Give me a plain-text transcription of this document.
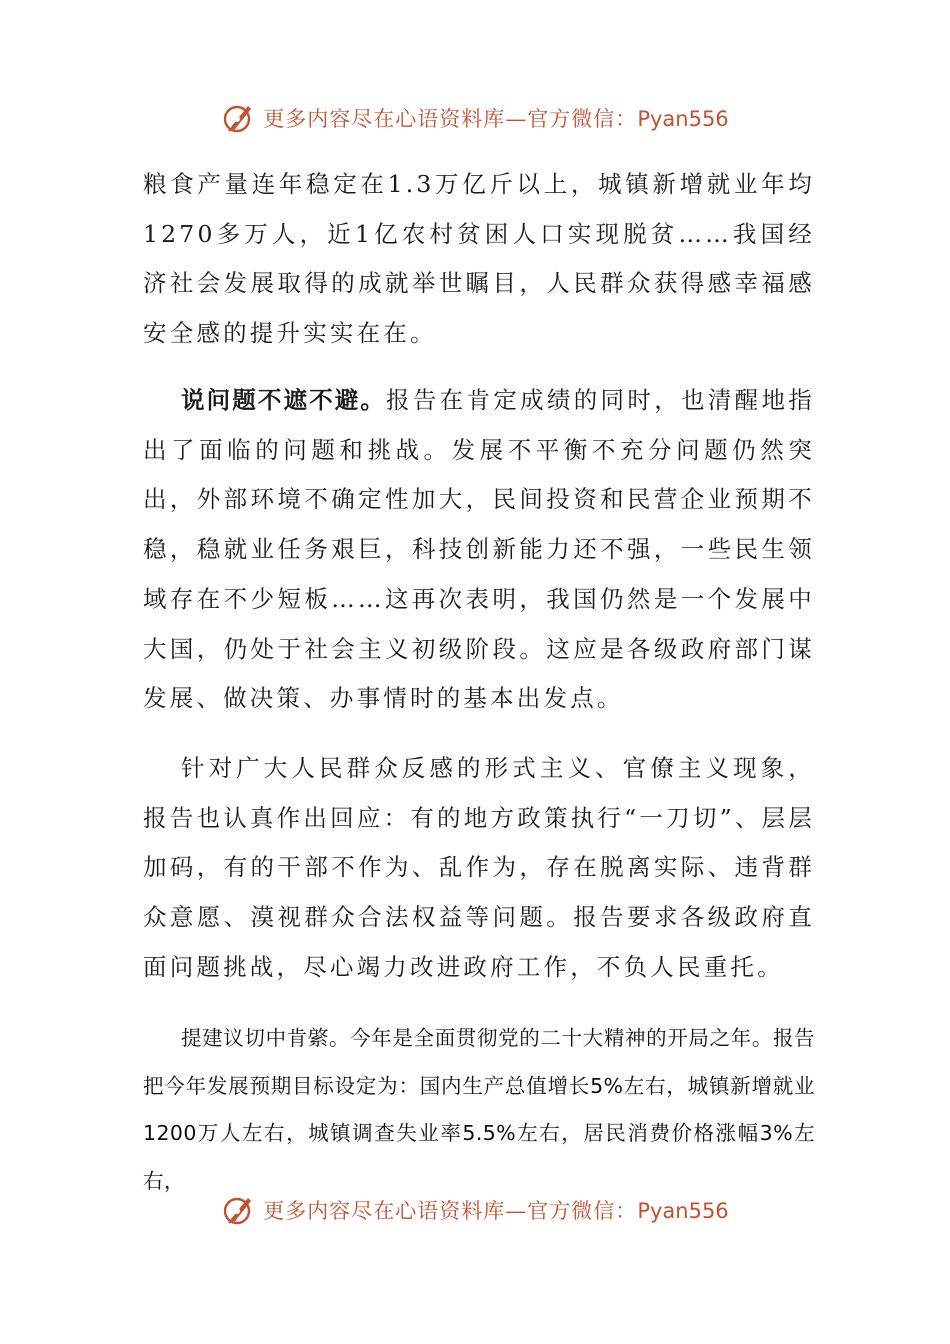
更多内容尽在心语资料库—官方微信：Pyan556

粮食产量连年稳定在1.3万亿斤以上，城镇新增就业年均1270多万人，近1亿农村贫困人口实现脱贫……我国经济社会发展取得的成就举世瞩目，人民群众获得感幸福感安全感的提升实实在在。

说问题不遮不避。报告在肯定成绩的同时，也清醒地指出了面临的问题和挑战。发展不平衡不充分问题仍然突出，外部环境不确定性加大，民间投资和民营企业预期不稳，稳就业任务艰巨，科技创新能力还不强，一些民生领域存在不少短板……这再次表明，我国仍然是一个发展中大国，仍处于社会主义初级阶段。这应是各级政府部门谋发展、做决策、办事情时的基本出发点。

针对广大人民群众反感的形式主义、官僚主义现象，报告也认真作出回应：有的地方政策执行“一刀切”、层层加码，有的干部不作为、乱作为，存在脱离实际、违背群众意愿、漠视群众合法权益等问题。报告要求各级政府直面问题挑战，尽心竭力改进政府工作，不负人民重托。

提建议切中肯綮。今年是全面贯彻党的二十大精神的开局之年。报告把今年发展预期目标设定为：国内生产总值增长5%左右，城镇新增就业1200万人左右，城镇调查失业率5.5%左右，居民消费价格涨幅3%左右，

更多内容尽在心语资料库—官方微信：Pyan556
